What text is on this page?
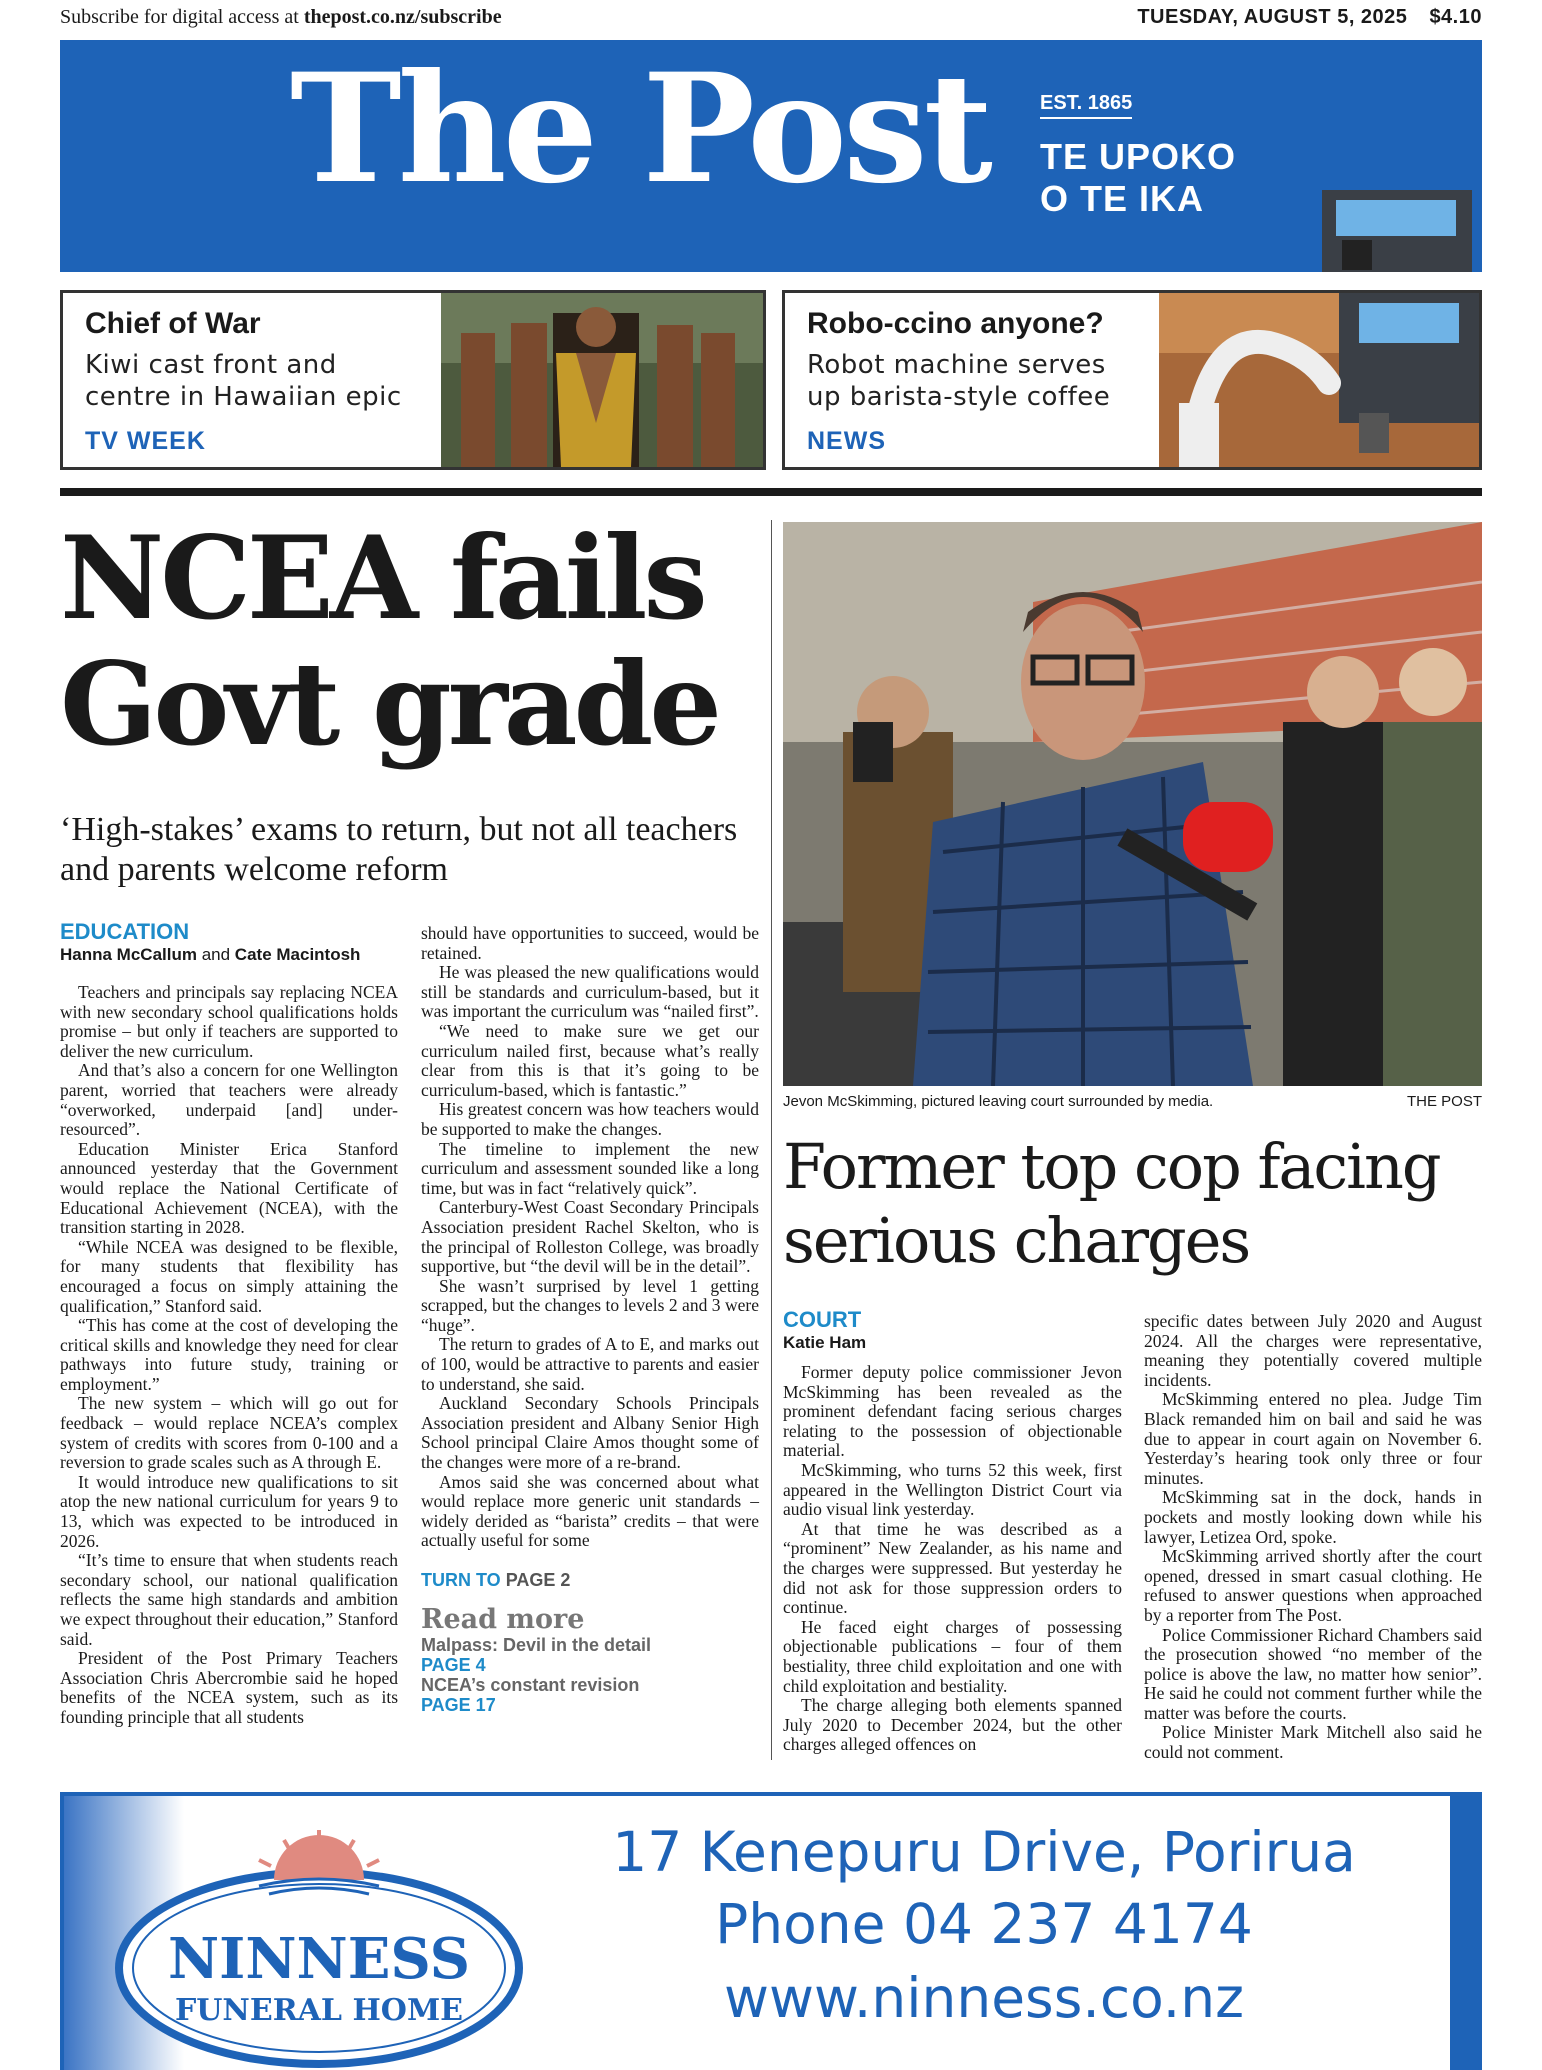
Subscribe for digital access at thepost.co.nz/subscribe	TUESDAY, AUGUST 5, 2025 $4.10
The Post	EST. 1865
TE UPOKO
O TE IKA
Chief of War
Kiwi cast front and
centre in Hawaiian epic
TV WEEK
Robo-ccino anyone?
Robot machine serves
up barista-style coffee
NEWS
NCEA fails
Govt grade
‘High-stakes’ exams to return, but not all teachers and parents welcome reform
EDUCATION
Hanna McCallum and Cate Macintosh

Teachers and principals say replacing NCEA with new secondary school qualifications holds promise – but only if teachers are supported to deliver the new curriculum.

And that’s also a concern for one Wellington parent, worried that teachers were already “overworked, underpaid [and] under-resourced”.

Education Minister Erica Stanford announced yesterday that the Government would replace the National Certificate of Educational Achievement (NCEA), with the transition starting in 2028.

“While NCEA was designed to be flexible, for many students that flexibility has encouraged a focus on simply attaining the qualification,” Stanford said.

“This has come at the cost of developing the critical skills and knowledge they need for clear pathways into future study, training or employment.”

The new system – which will go out for feedback – would replace NCEA’s complex system of credits with scores from 0-100 and a reversion to grade scales such as A through E.

It would introduce new qualifications to sit atop the new national curriculum for years 9 to 13, which was expected to be introduced in 2026.

“It’s time to ensure that when students reach secondary school, our national qualification reflects the same high standards and ambition we expect throughout their education,” Stanford said.

President of the Post Primary Teachers Association Chris Abercrombie said he hoped benefits of the NCEA system, such as its founding principle that all students

should have opportunities to succeed, would be retained.

He was pleased the new qualifications would still be standards and curriculum-based, but it was important the curriculum was “nailed first”.

“We need to make sure we get our curriculum nailed first, because what’s really clear from this is that it’s going to be curriculum-based, which is fantastic.”

His greatest concern was how teachers would be supported to make the changes.

The timeline to implement the new curriculum and assessment sounded like a long time, but was in fact “relatively quick”.

Canterbury-West Coast Secondary Principals Association president Rachel Skelton, who is the principal of Rolleston College, was broadly supportive, but “the devil will be in the detail”.

She wasn’t surprised by level 1 getting scrapped, but the changes to levels 2 and 3 were “huge”.

The return to grades of A to E, and marks out of 100, would be attractive to parents and easier to understand, she said.

Auckland Secondary Schools Principals Association president and Albany Senior High School principal Claire Amos thought some of the changes were more of a re-brand.

Amos said she was concerned about what would replace more generic unit standards – widely derided as “barista” credits – that were actually useful for some

TURN TO PAGE 2
Read more
Malpass: Devil in the detail
PAGE 4
NCEA’s constant revision
PAGE 17
Jevon McSkimming, pictured leaving court surrounded by media.	THE POST
Former top cop facing
serious charges
COURT
Katie Ham

Former deputy police commissioner Jevon McSkimming has been revealed as the prominent defendant facing serious charges relating to the possession of objectionable material.

McSkimming, who turns 52 this week, first appeared in the Wellington District Court via audio visual link yesterday.

At that time he was described as a “prominent” New Zealander, as his name and the charges were suppressed. But yesterday he did not ask for those suppression orders to continue.

He faced eight charges of possessing objectionable publications – four of them bestiality, three child exploitation and one with child exploitation and bestiality.

The charge alleging both elements spanned July 2020 to December 2024, but the other charges alleged offences on

specific dates between July 2020 and August 2024. All the charges were representative, meaning they potentially covered multiple incidents.

McSkimming entered no plea. Judge Tim Black remanded him on bail and said he was due to appear in court again on November 6. Yesterday’s hearing took only three or four minutes.

McSkimming sat in the dock, hands in pockets and mostly looking down while his lawyer, Letizea Ord, spoke.

McSkimming arrived shortly after the court opened, dressed in smart casual clothing. He refused to answer questions when approached by a reporter from The Post.

Police Commissioner Richard Chambers said the prosecution showed “no member of the police is above the law, no matter how senior”. He said he could not comment further while the matter was before the courts.

Police Minister Mark Mitchell also said he could not comment.

NINNESS
FUNERAL HOME
17 Kenepuru Drive, Porirua
Phone 04 237 4174
www.ninness.co.nz
